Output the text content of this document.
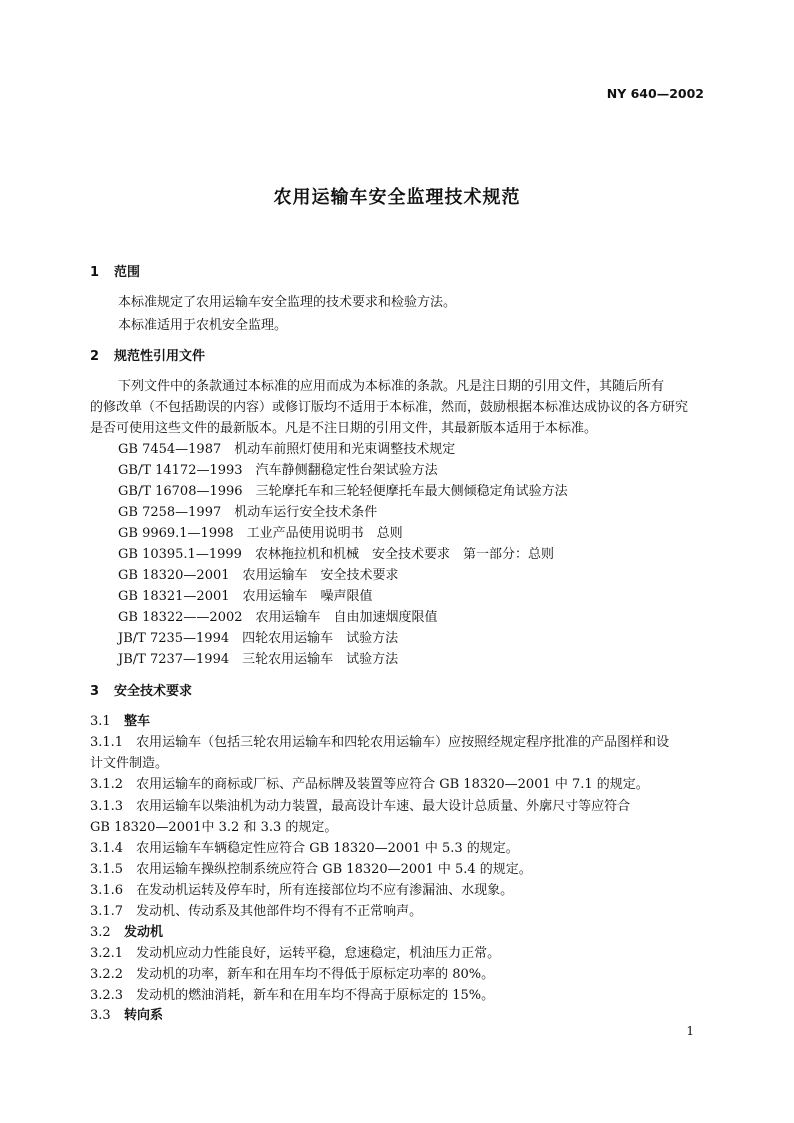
NY 640—2002
农用运输车安全监理技术规范
1 范围
本标准规定了农用运输车安全监理的技术要求和检验方法。
本标准适用于农机安全监理。
2 规范性引用文件
下列文件中的条款通过本标准的应用而成为本标准的条款。凡是注日期的引用文件，其随后所有
的修改单（不包括勘误的内容）或修订版均不适用于本标准，然而，鼓励根据本标准达成协议的各方研究
是否可使用这些文件的最新版本。凡是不注日期的引用文件，其最新版本适用于本标准。
GB 7454—1987　 机动车前照灯使用和光束调整技术规定
GB/T 14172—1993　 汽车静侧翻稳定性台架试验方法
GB/T 16708—1996　 三轮摩托车和三轮轻便摩托车最大侧倾稳定角试验方法
GB 7258—1997　 机动车运行安全技术条件
GB 9969.1—1998　 工业产品使用说明书　总则
GB 10395.1—1999　 农林拖拉机和机械　安全技术要求　第一部分：总则
GB 18320—2001　 农用运输车　安全技术要求
GB 18321—2001　 农用运输车　噪声限值
GB 18322——2002　 农用运输车　自由加速烟度限值
JB/T 7235—1994　 四轮农用运输车　试验方法
JB/T 7237—1994　 三轮农用运输车　试验方法
3 安全技术要求
3.1 整车
3.1.1　 农用运输车（包括三轮农用运输车和四轮农用运输车）应按照经规定程序批准的产品图样和设
计文件制造。
3.1.2　 农用运输车的商标或厂标、产品标牌及装置等应符合 GB 18320—2001 中 7.1 的规定。
3.1.3　 农用运输车以柴油机为动力装置，最高设计车速、最大设计总质量、外廓尺寸等应符合
GB 18320—2001中 3.2 和 3.3 的规定。
3.1.4　 农用运输车车辆稳定性应符合 GB 18320—2001 中 5.3 的规定。
3.1.5　 农用运输车操纵控制系统应符合 GB 18320—2001 中 5.4 的规定。
3.1.6　 在发动机运转及停车时，所有连接部位均不应有渗漏油、水现象。
3.1.7　 发动机、传动系及其他部件均不得有不正常响声。
3.2 发动机
3.2.1　 发动机应动力性能良好，运转平稳，怠速稳定，机油压力正常。
3.2.2　 发动机的功率，新车和在用车均不得低于原标定功率的 80%。
3.2.3　 发动机的燃油消耗，新车和在用车均不得高于原标定的 15%。
3.3 转向系
1
